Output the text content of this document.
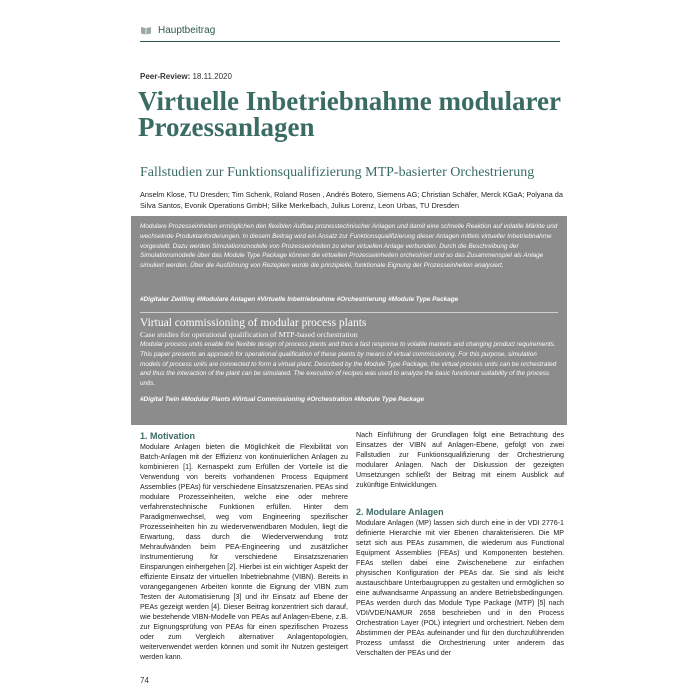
Hauptbeitrag
Peer-Review: 18.11.2020
Virtuelle Inbetriebnahme modularer Prozessanlagen
Fallstudien zur Funktionsqualifizierung MTP-basierter Orchestrierung
Anselm Klose, TU Dresden; Tim Schenk, Roland Rosen , Andrés Botero, Siemens AG; Christian Schäfer, Merck KGaA; Polyana da Silva Santos, Evonik Operations GmbH; Silke Merkelbach, Julius Lorenz, Leon Urbas, TU Dresden

Modulare Prozesseinheiten ermöglichen den flexiblen Aufbau prozesstechnischer Anlagen und damit eine schnelle Reaktion auf volatile Märkte und wechselnde Produktanforderungen. In diesem Beitrag wird ein Ansatz zur Funktionsqualifizierung dieser Anlagen mittels virtueller Inbetriebnahme vorgestellt. Dazu werden Simulationsmodelle von Prozesseinheiten zu einer virtuellen Anlage verbunden. Durch die Beschreibung der Simulationsmodelle über das Module Type Package können die virtuellen Prozesseinheiten orchestriert und so das Zusammenspiel als Anlage simuliert werden. Über die Ausführung von Rezepten wurde die prinzipielle, funktionale Eignung der Prozesseinheiten analysiert.

#Digitaler Zwilling #Modulare Anlagen #Virtuelle Inbetriebnahme #Orchestrierung #Module Type Package

Virtual commissioning of modular process plants
Case studies for operational qualification of MTP-based orchestration

Modular process units enable the flexible design of process plants and thus a fast response to volatile markets and changing product requirements. This paper presents an approach for operational qualification of these plants by means of virtual commissioning. For this purpose, simulation models of process units are connected to form a virtual plant. Described by the Module Type Package, the virtual process units can be orchestrated and thus the interaction of the plant can be simulated. The execution of recipes was used to analyze the basic functional suitability of the process units.

#Digital Twin #Modular Plants #Virtual Commissioning #Orchestration #Module Type Package

1. Motivation

Modulare Anlagen bieten die Möglichkeit die Flexibilität von Batch-Anlagen mit der Effizienz von kontinuierlichen Anlagen zu kombinieren [1]. Kernaspekt zum Erfüllen der Vorteile ist die Verwendung von bereits vorhandenen Process Equipment Assemblies (PEAs) für verschiedene Einsatzszenarien. PEAs sind modulare Prozesseinheiten, welche eine oder mehrere verfahrenstechnische Funktionen erfüllen. Hinter dem Paradigmenwechsel, weg vom Engineering spezifischer Prozesseinheiten hin zu wiederverwendbaren Modulen, liegt die Erwartung, dass durch die Wiederverwendung trotz Mehraufwänden beim PEA-Engineering und zusätzlicher Instrumentierung für verschiedene Einsatzszenarien Einsparungen einhergehen [2]. Hierbei ist ein wichtiger Aspekt der effiziente Einsatz der virtuellen Inbetriebnahme (VIBN). Bereits in vorangegangenen Arbeiten konnte die Eignung der VIBN zum Testen der Automatisierung [3] und ihr Einsatz auf Ebene der PEAs gezeigt werden [4]. Dieser Beitrag konzentriert sich darauf, wie bestehende VIBN-Modelle von PEAs auf Anlagen-Ebene, z.B. zur Eignungsprüfung von PEAs für einen spezifischen Prozess oder zum Vergleich alternativer Anlagentopologien, weiterverwendet werden können und somit ihr Nutzen gesteigert werden kann.

Nach Einführung der Grundlagen folgt eine Betrachtung des Einsatzes der VIBN auf Anlagen-Ebene, gefolgt von zwei Fallstudien zur Funktionsqualifizierung der Orchestrierung modularer Anlagen. Nach der Diskussion der gezeigten Umsetzungen schließt der Beitrag mit einem Ausblick auf zukünftige Entwicklungen.

2. Modulare Anlagen

Modulare Anlagen (MP) lassen sich durch eine in der VDI 2776-1 definierte Hierarchie mit vier Ebenen charakterisieren. Die MP setzt sich aus PEAs zusammen, die wiederum aus Functional Equipment Assemblies (FEAs) und Komponenten bestehen. FEAs stellen dabei eine Zwischenebene zur einfachen physischen Konfiguration der PEAs dar. Sie sind als leicht austauschbare Unterbaugruppen zu gestalten und ermöglichen so eine aufwandsarme Anpassung an andere Betriebsbedingungen. PEAs werden durch das Module Type Package (MTP) [5] nach VDI/VDE/NAMUR 2658 beschrieben und in den Process Orchestration Layer (POL) integriert und orchestriert. Neben dem Abstimmen der PEAs aufeinander und für den durchzuführenden Prozess umfasst die Orchestrierung unter anderem das Verschalten der PEAs und der

74
